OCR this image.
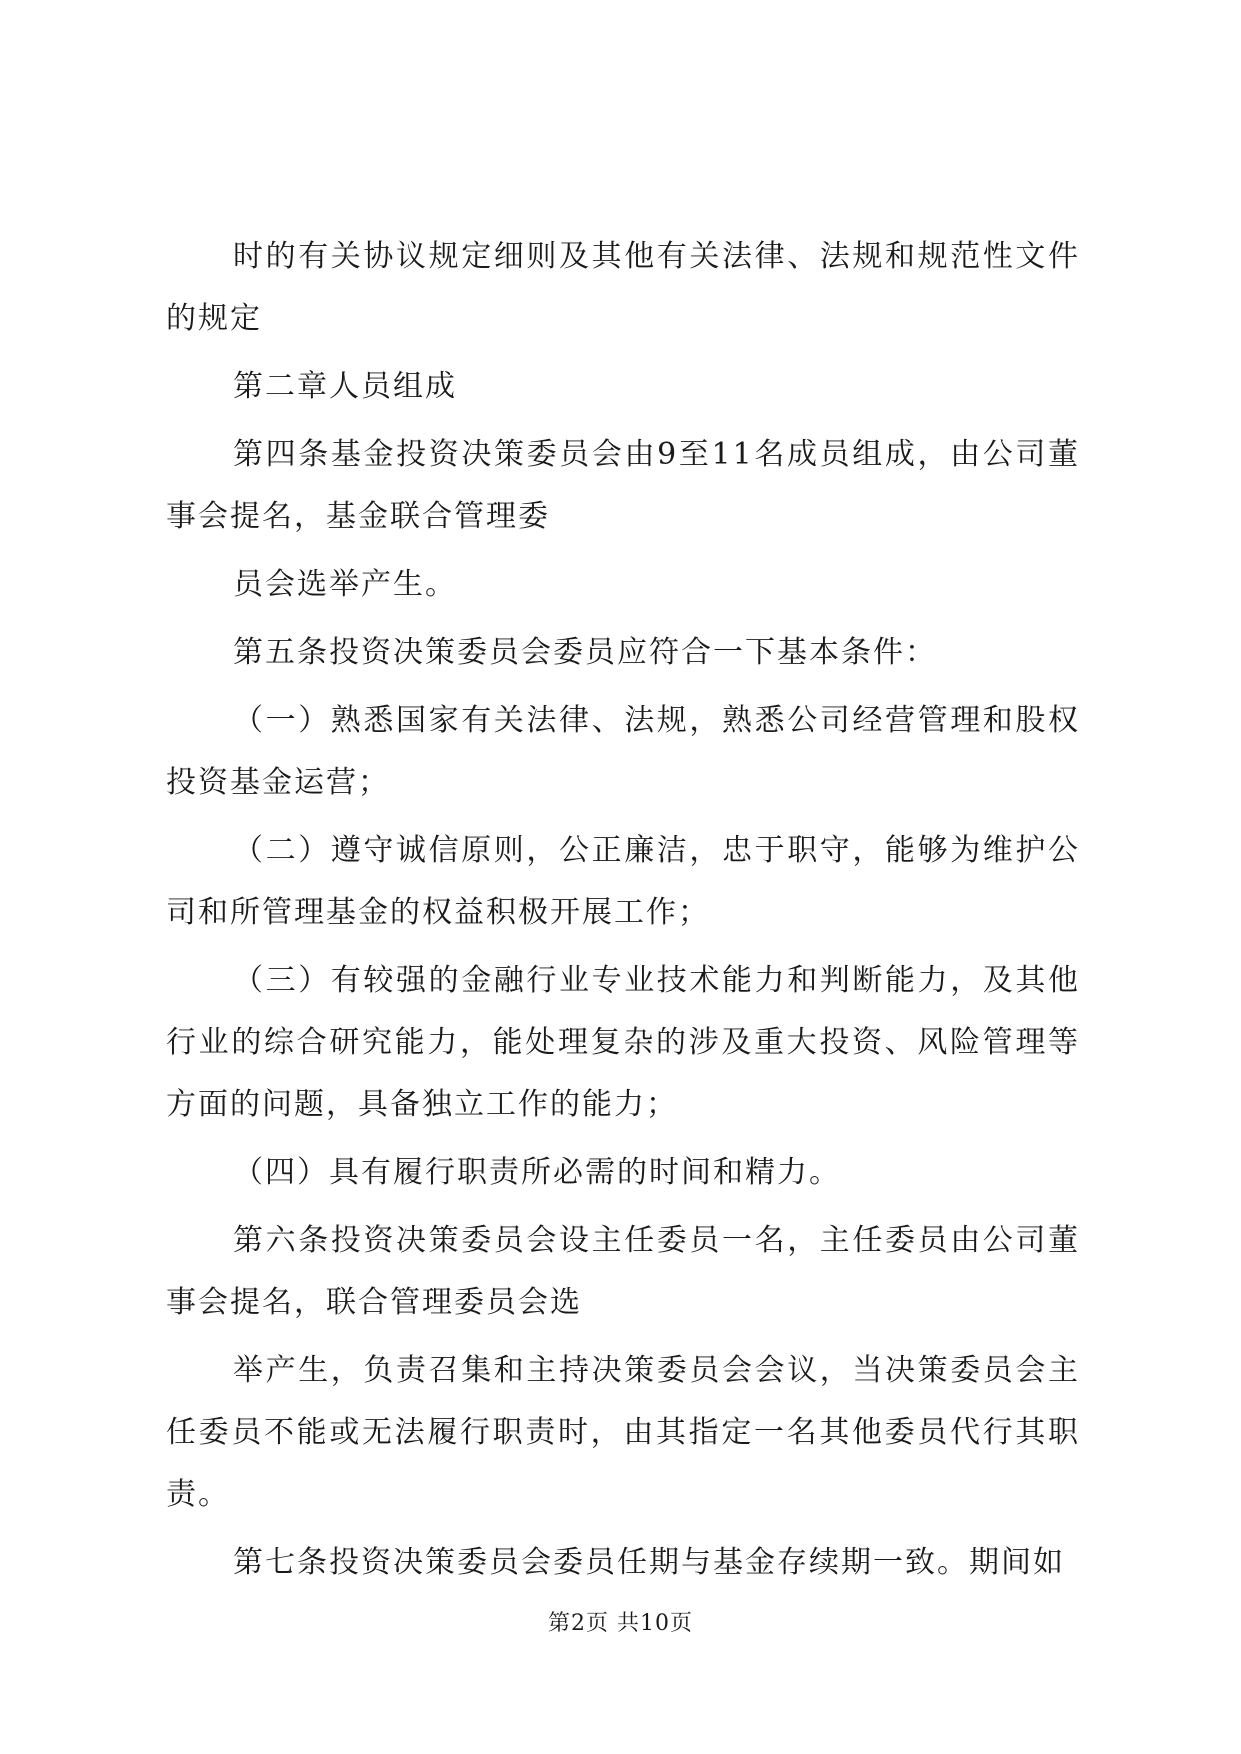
时的有关协议规定细则及其他有关法律、法规和规范性文件的规定

第二章人员组成

第四条基金投资决策委员会由9至11名成员组成，由公司董事会提名，基金联合管理委

员会选举产生。

第五条投资决策委员会委员应符合一下基本条件：

（一）熟悉国家有关法律、法规，熟悉公司经营管理和股权投资基金运营；

（二）遵守诚信原则，公正廉洁，忠于职守，能够为维护公司和所管理基金的权益积极开展工作；

（三）有较强的金融行业专业技术能力和判断能力，及其他行业的综合研究能力，能处理复杂的涉及重大投资、风险管理等方面的问题，具备独立工作的能力；

（四）具有履行职责所必需的时间和精力。

第六条投资决策委员会设主任委员一名，主任委员由公司董事会提名，联合管理委员会选

举产生，负责召集和主持决策委员会会议，当决策委员会主任委员不能或无法履行职责时，由其指定一名其他委员代行其职责。

第七条投资决策委员会委员任期与基金存续期一致。期间如

第2页 共10页
